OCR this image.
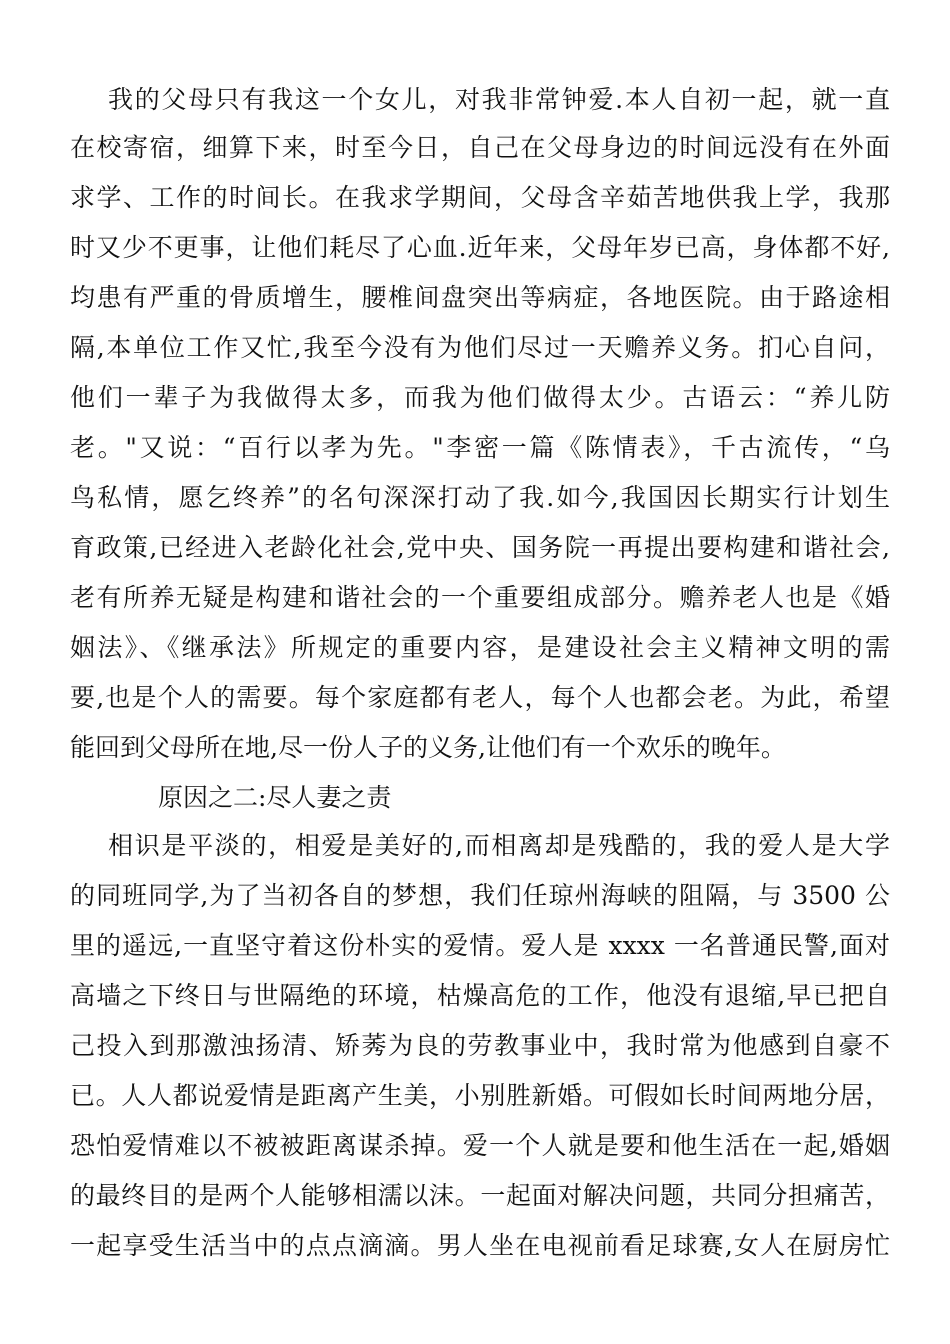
我的父母只有我这一个女儿，对我非常钟爱.本人自初一起，就一直
在校寄宿，细算下来，时至今日，自己在父母身边的时间远没有在外面
求学、工作的时间长。在我求学期间，父母含辛茹苦地供我上学，我那
时又少不更事，让他们耗尽了心血.近年来，父母年岁已高，身体都不好,
均患有严重的骨质增生，腰椎间盘突出等病症，各地医院。由于路途相
隔,本单位工作又忙,我至今没有为他们尽过一天赡养义务。扪心自问，
他们一辈子为我做得太多，而我为他们做得太少。古语云：“养儿防
老。"又说：“百行以孝为先。"李密一篇《陈情表》，千古流传，“乌
鸟私情，愿乞终养”的名句深深打动了我.如今,我国因长期实行计划生
育政策,已经进入老龄化社会,党中央、国务院一再提出要构建和谐社会,
老有所养无疑是构建和谐社会的一个重要组成部分。赡养老人也是《婚
姻法》、《继承法》所规定的重要内容，是建设社会主义精神文明的需
要,也是个人的需要。每个家庭都有老人，每个人也都会老。为此，希望
能回到父母所在地,尽一份人子的义务,让他们有一个欢乐的晚年。
原因之二:尽人妻之责
相识是平淡的，相爱是美好的,而相离却是残酷的，我的爱人是大学
的同班同学,为了当初各自的梦想，我们任琼州海峡的阻隔，与 3500 公
里的遥远,一直坚守着这份朴实的爱情。爱人是 xxxx 一名普通民警,面对
高墙之下终日与世隔绝的环境，枯燥高危的工作，他没有退缩,早已把自
己投入到那激浊扬清、矫莠为良的劳教事业中，我时常为他感到自豪不
已。人人都说爱情是距离产生美，小别胜新婚。可假如长时间两地分居，
恐怕爱情难以不被被距离谋杀掉。爱一个人就是要和他生活在一起,婚姻
的最终目的是两个人能够相濡以沫。一起面对解决问题，共同分担痛苦，
一起享受生活当中的点点滴滴。男人坐在电视前看足球赛,女人在厨房忙
